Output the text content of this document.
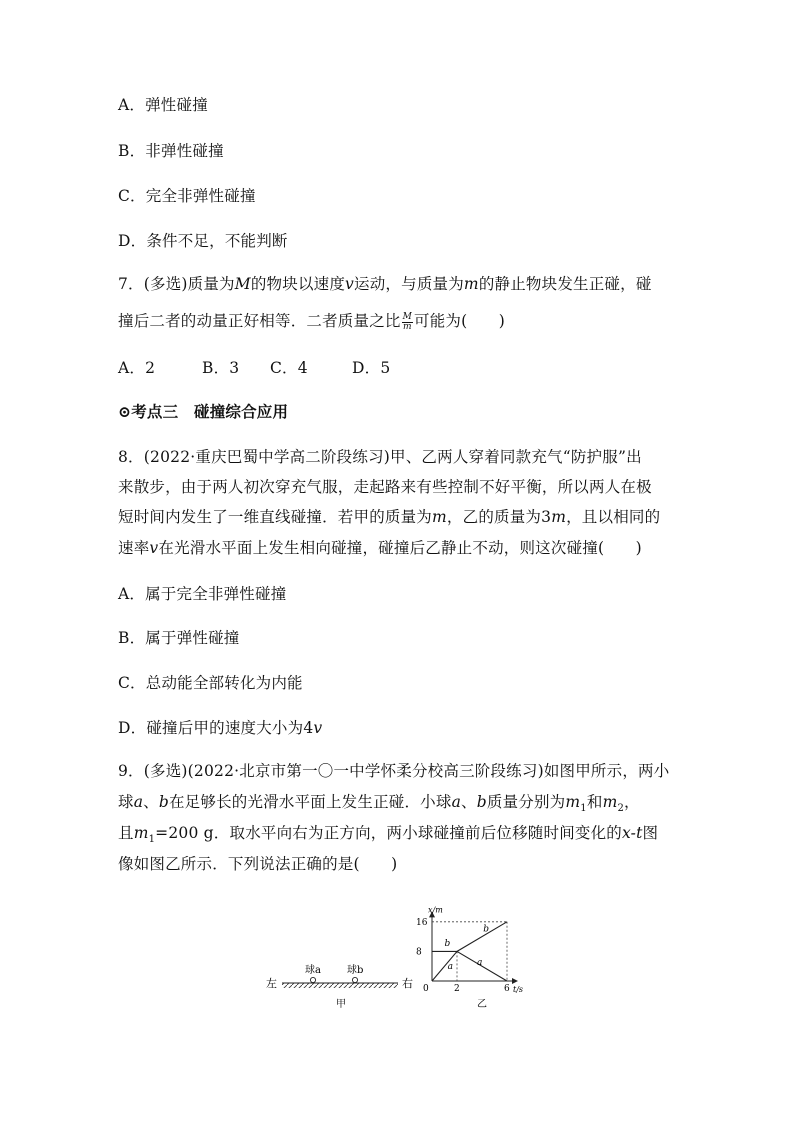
A．弹性碰撞
B．非弹性碰撞
C．完全非弹性碰撞
D．条件不足，不能判断
7．(多选)质量为M的物块以速度v运动，与质量为m的静止物块发生正碰，碰
撞后二者的动量正好相等．二者质量之比 $\frac{M}{m}$ 可能为(　　)
A．2	B．3 C．4	D．5
⊙考点三　碰撞综合应用
8．(2022·重庆巴蜀中学高二阶段练习)甲、乙两人穿着同款充气“防护服”出
来散步，由于两人初次穿充气服，走起路来有些控制不好平衡，所以两人在极
短时间内发生了一维直线碰撞．若甲的质量为m，乙的质量为3m，且以相同的
速率v在光滑水平面上发生相向碰撞，碰撞后乙静止不动，则这次碰撞(　　)
A．属于完全非弹性碰撞
B．属于弹性碰撞
C．总动能全部转化为内能
D．碰撞后甲的速度大小为4v
9．(多选)(2022·北京市第一〇一中学怀柔分校高三阶段练习)如图甲所示，两小
球a、b在足够长的光滑水平面上发生正碰．小球a、b质量分别为$m_1$和$m_2$，
且$m_1=200$ g．取水平向右为正方向，两小球碰撞前后位移随时间变化的x-t图
像如图乙所示．下列说法正确的是(　　)
左	右
球a	球b
甲
x/m
t/s
0	2	6
8
16
b
b
a	a
乙
